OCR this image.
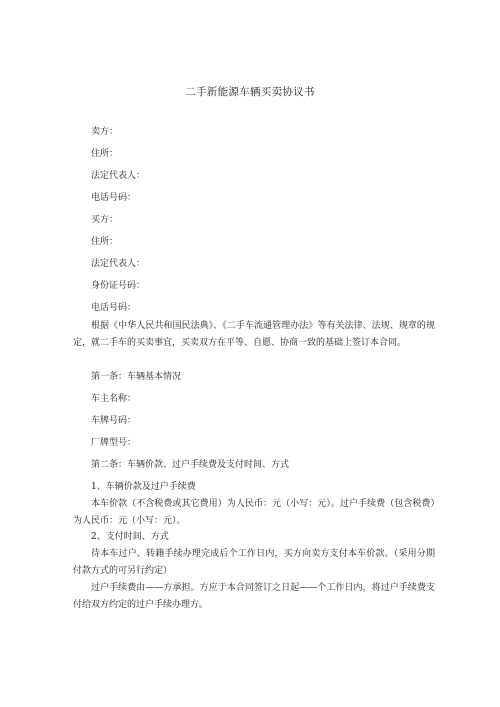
二手新能源车辆买卖协议书
卖方：
住所：
法定代表人：
电话号码：
买方：
住所：
法定代表人：
身份证号码：
电话号码：
根据《中华人民共和国民法典》、《二手车流通管理办法》等有关法律、法规、规章的规定，就二手车的买卖事宜，买卖双方在平等、自愿、协商一致的基础上签订本合同。
第一条：车辆基本情况
车主名称：
车牌号码：
厂牌型号：
第二条：车辆价款、过户手续费及支付时间、方式
1、车辆价款及过户手续费
本车价款（不含税费或其它费用）为人民币：元（小写：元）。过户手续费（包含税费）为人民币：元（小写：元）。
2、支付时间、方式
待本车过户、转籍手续办理完成后个工作日内，买方向卖方支付本车价款。（采用分期付款方式的可另行约定）
过户手续费由——方承担。方应于本合同签订之日起——个工作日内，将过户手续费支付给双方约定的过户手续办理方。
